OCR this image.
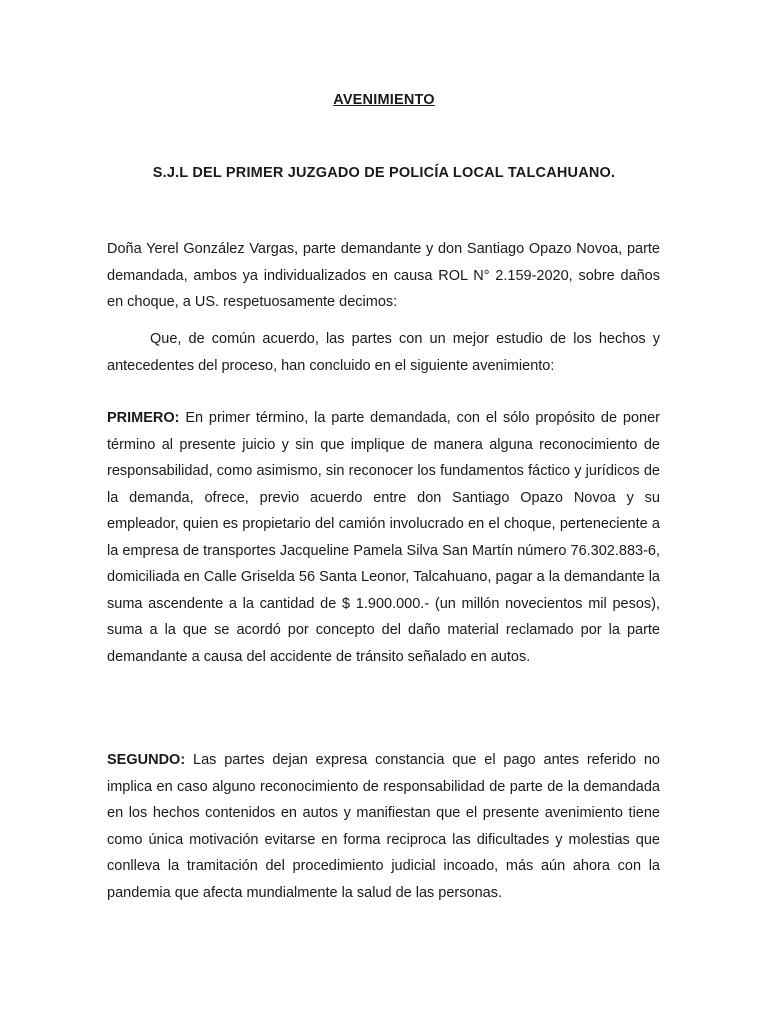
AVENIMIENTO
S.J.L DEL PRIMER JUZGADO DE POLICÍA LOCAL TALCAHUANO.

Doña Yerel González Vargas, parte demandante y don Santiago Opazo Novoa, parte demandada, ambos ya individualizados en causa ROL N° 2.159-2020, sobre daños en choque, a US. respetuosamente decimos:

Que, de común acuerdo, las partes con un mejor estudio de los hechos y antecedentes del proceso, han concluido en el siguiente avenimiento:

PRIMERO: En primer término, la parte demandada, con el sólo propósito de poner término al presente juicio y sin que implique de manera alguna reconocimiento de responsabilidad, como asimismo, sin reconocer los fundamentos fáctico y jurídicos de la demanda, ofrece, previo acuerdo entre don Santiago Opazo Novoa y su empleador, quien es propietario del camión involucrado en el choque, perteneciente a la empresa de transportes Jacqueline Pamela Silva San Martín número 76.302.883-6, domiciliada en Calle Griselda 56 Santa Leonor, Talcahuano, pagar a la demandante la suma ascendente a la cantidad de $ 1.900.000.- (un millón novecientos mil pesos), suma a la que se acordó por concepto del daño material reclamado por la parte demandante a causa del accidente de tránsito señalado en autos.

SEGUNDO: Las partes dejan expresa constancia que el pago antes referido no implica en caso alguno reconocimiento de responsabilidad de parte de la demandada en los hechos contenidos en autos y manifiestan que el presente avenimiento tiene como única motivación evitarse en forma reciproca las dificultades y molestias que conlleva la tramitación del procedimiento judicial incoado, más aún ahora con la pandemia que afecta mundialmente la salud de las personas.
